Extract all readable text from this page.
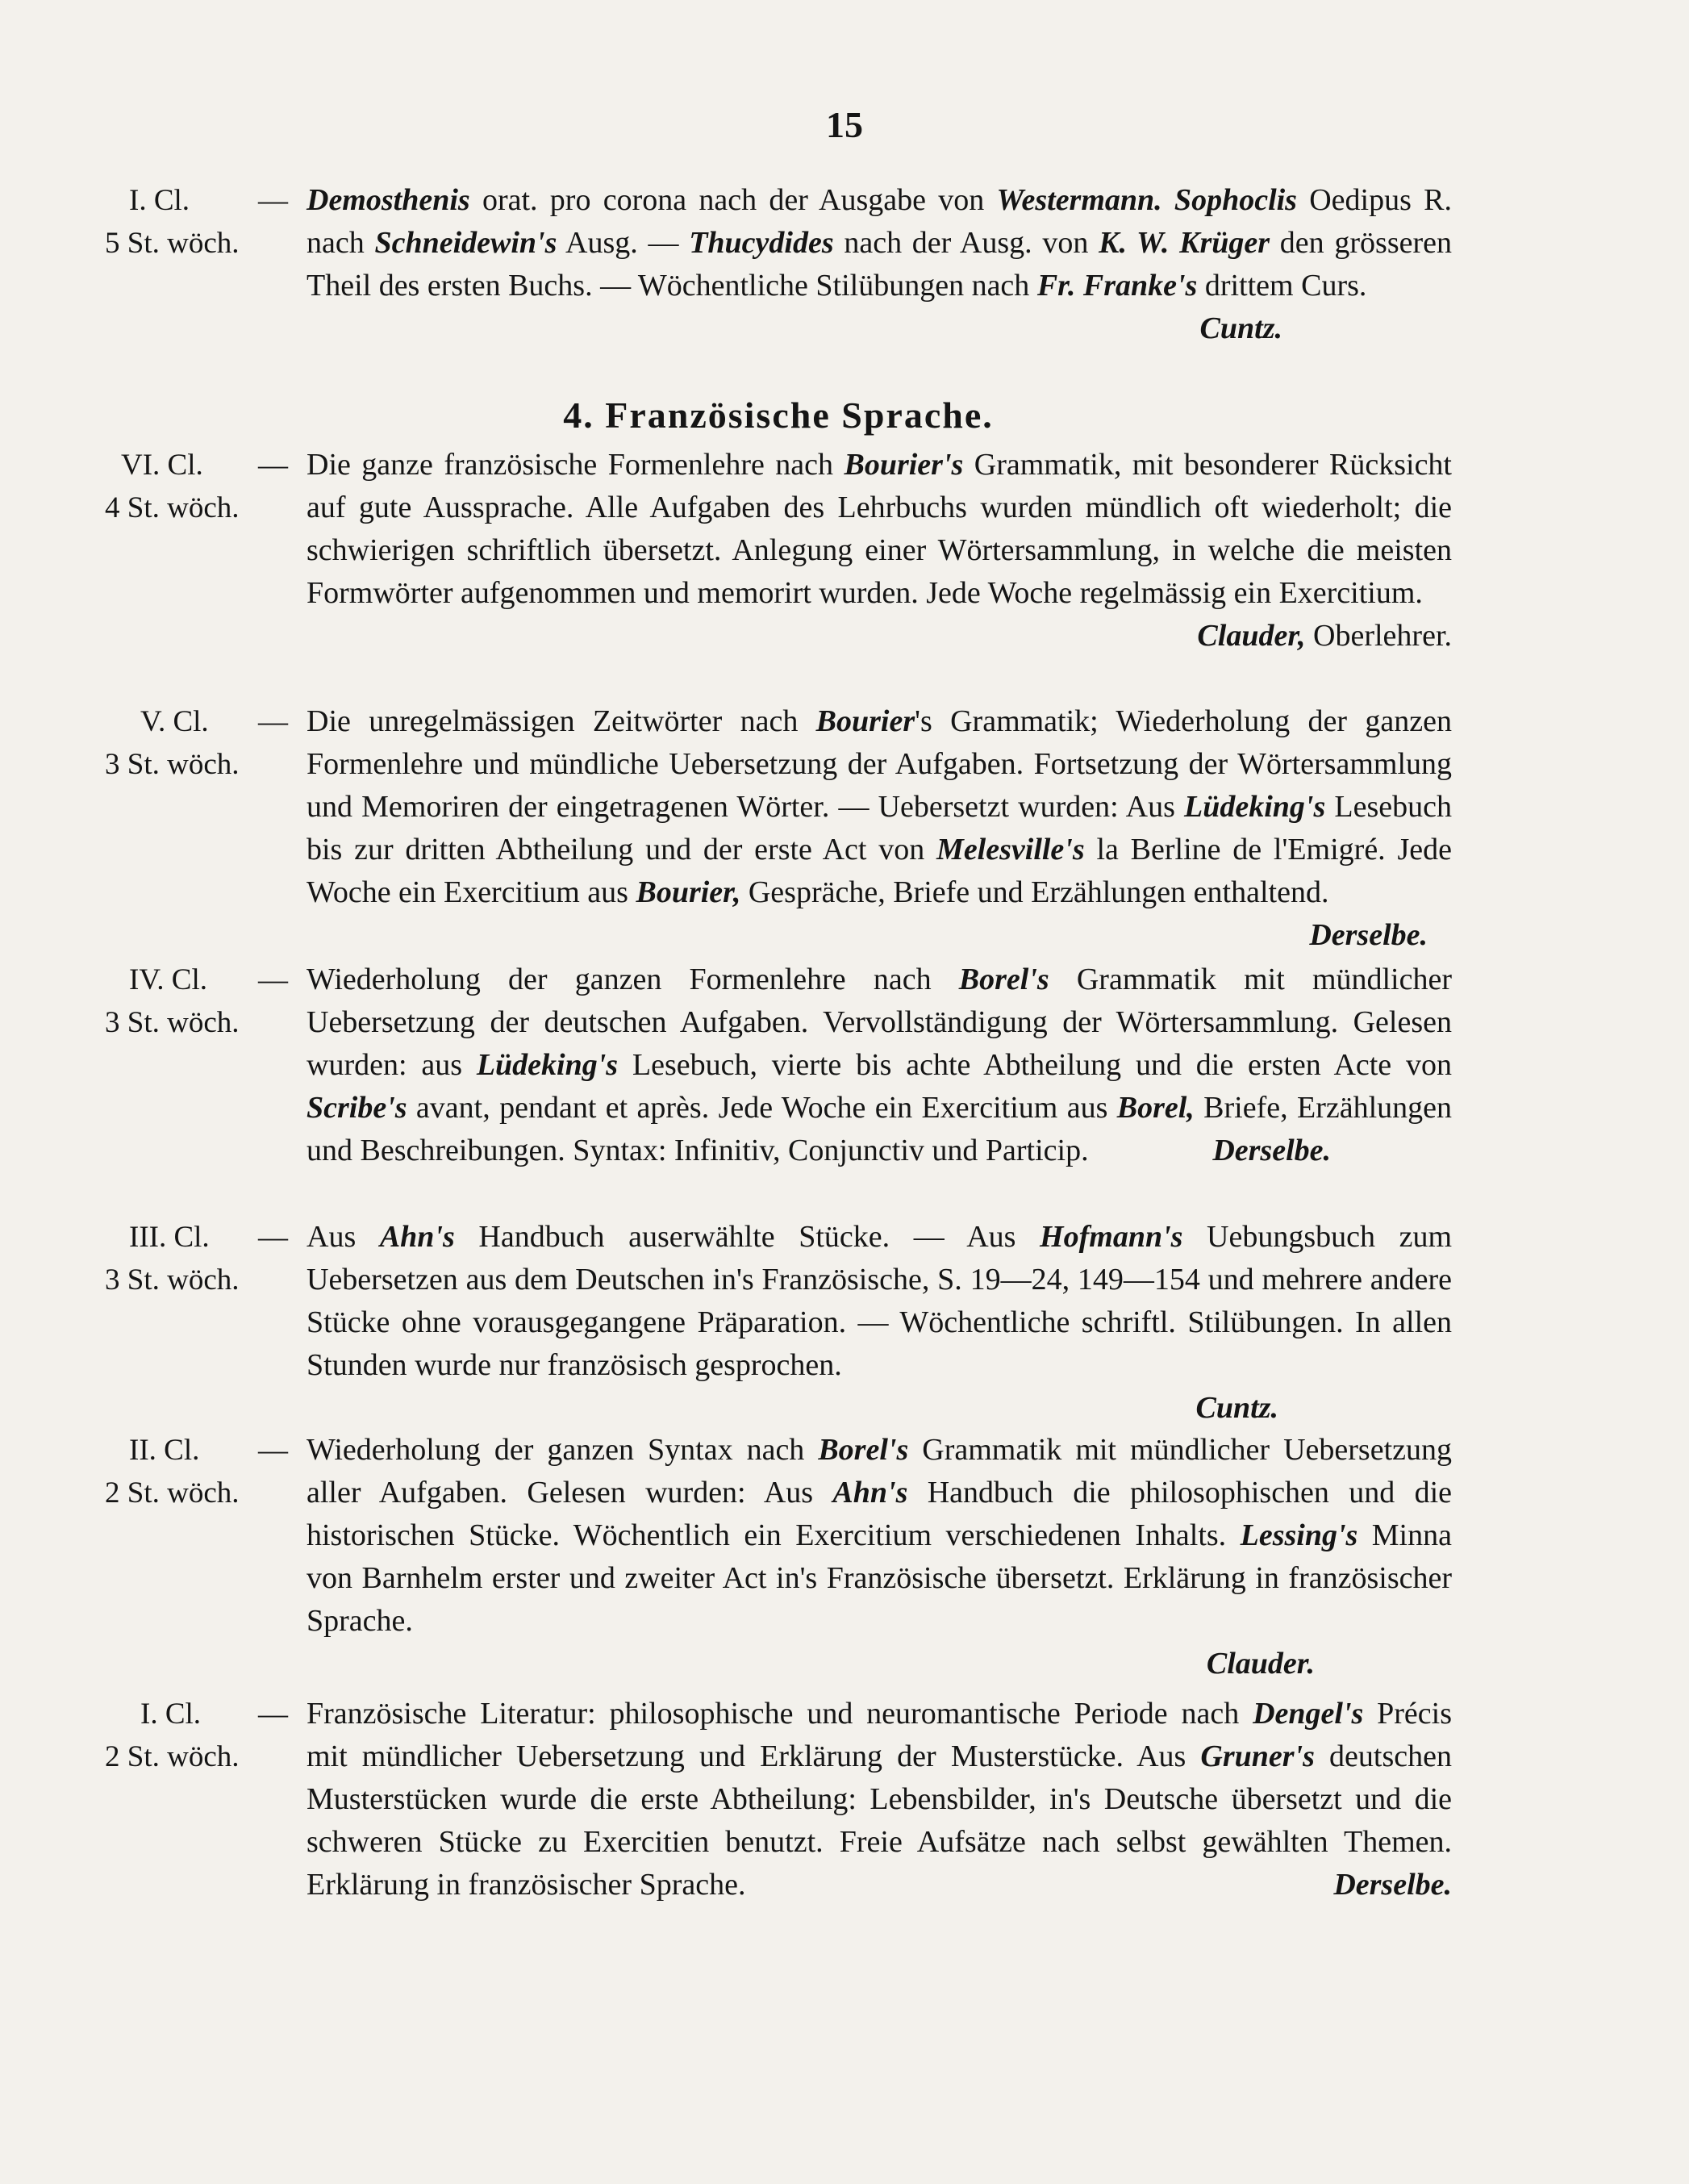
15
I. Cl.
5 St. wöch.
— Demosthenis orat. pro corona nach der Ausgabe von Westermann. Sophoclis Oedipus R. nach Schneidewin's Ausg. — Thucydides nach der Ausg. von K. W. Krüger den grösseren Theil des ersten Buchs. — Wöchentliche Stilübungen nach Fr. Franke's drittem Curs.
Cuntz.
4. Französische Sprache.
VI. Cl.
4 St. wöch.
— Die ganze französische Formenlehre nach Bourier's Grammatik, mit besonderer Rücksicht auf gute Aussprache. Alle Aufgaben des Lehrbuchs wurden mündlich oft wiederholt; die schwierigen schriftlich übersetzt. Anlegung einer Wörtersammlung, in welche die meisten Formwörter aufgenommen und memorirt wurden. Jede Woche regelmässig ein Exercitium.
Clauder, Oberlehrer.
V. Cl.
3 St. wöch.
— Die unregelmässigen Zeitwörter nach Bourier's Grammatik; Wiederholung der ganzen Formenlehre und mündliche Uebersetzung der Aufgaben. Fortsetzung der Wörtersammlung und Memoriren der eingetragenen Wörter. — Uebersetzt wurden: Aus Lüdeking's Lesebuch bis zur dritten Abtheilung und der erste Act von Melesville's la Berline de l'Emigré. Jede Woche ein Exercitium aus Bourier, Gespräche, Briefe und Erzählungen enthaltend.
Derselbe.
IV. Cl.
3 St. wöch.
— Wiederholung der ganzen Formenlehre nach Borel's Grammatik mit mündlicher Uebersetzung der deutschen Aufgaben. Vervollständigung der Wörtersammlung. Gelesen wurden: aus Lüdeking's Lesebuch, vierte bis achte Abtheilung und die ersten Acte von Scribe's avant, pendant et après. Jede Woche ein Exercitium aus Borel, Briefe, Erzählungen und Beschreibungen. Syntax: Infinitiv, Conjunctiv und Particip.	Derselbe.
III. Cl.
3 St. wöch.
— Aus Ahn's Handbuch auserwählte Stücke. — Aus Hofmann's Uebungsbuch zum Uebersetzen aus dem Deutschen in's Französische, S. 19—24, 149—154 und mehrere andere Stücke ohne vorausgegangene Präparation. — Wöchentliche schriftl. Stilübungen. In allen Stunden wurde nur französisch gesprochen.
Cuntz.
II. Cl.
2 St. wöch.
— Wiederholung der ganzen Syntax nach Borel's Grammatik mit mündlicher Uebersetzung aller Aufgaben. Gelesen wurden: Aus Ahn's Handbuch die philosophischen und die historischen Stücke. Wöchentlich ein Exercitium verschiedenen Inhalts. Lessing's Minna von Barnhelm erster und zweiter Act in's Französische übersetzt. Erklärung in französischer Sprache.
Clauder.
I. Cl.
2 St. wöch.
— Französische Literatur: philosophische und neuromantische Periode nach Dengel's Précis mit mündlicher Uebersetzung und Erklärung der Musterstücke. Aus Gruner's deutschen Musterstücken wurde die erste Abtheilung: Lebensbilder, in's Deutsche übersetzt und die schweren Stücke zu Exercitien benutzt. Freie Aufsätze nach selbst gewählten Themen. Erklärung in französischer Sprache.	Derselbe.
